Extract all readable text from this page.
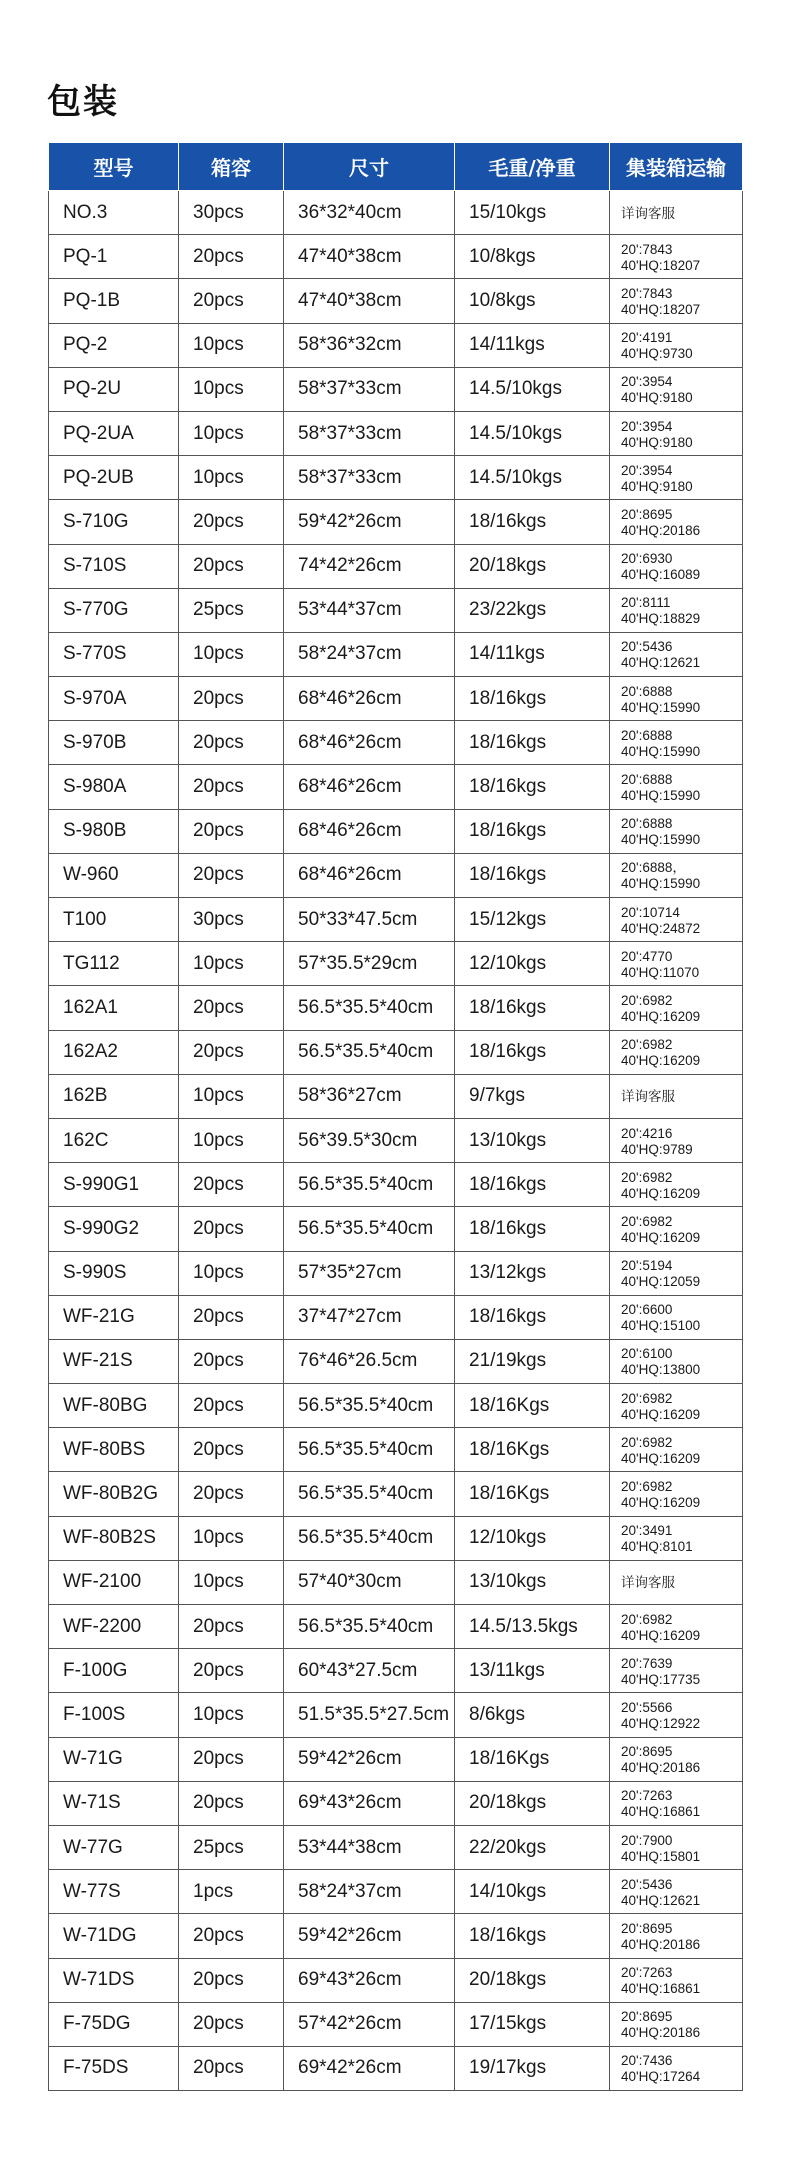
包装
型号	箱容	尺寸	毛重/净重	集装箱运输
NO.3	30pcs	36*32*40cm	15/10kgs	详询客服

PQ-1	20pcs	47*40*38cm	10/8kgs	20':7843
40'HQ:18207

PQ-1B	20pcs	47*40*38cm	10/8kgs	20':7843
40'HQ:18207

PQ-2	10pcs	58*36*32cm	14/11kgs	20':4191
40'HQ:9730

PQ-2U	10pcs	58*37*33cm	14.5/10kgs	20':3954
40'HQ:9180

PQ-2UA	10pcs	58*37*33cm	14.5/10kgs	20':3954
40'HQ:9180

PQ-2UB	10pcs	58*37*33cm	14.5/10kgs	20':3954
40'HQ:9180

S-710G	20pcs	59*42*26cm	18/16kgs	20':8695
40'HQ:20186

S-710S	20pcs	74*42*26cm	20/18kgs	20':6930
40'HQ:16089

S-770G	25pcs	53*44*37cm	23/22kgs	20':8111
40'HQ:18829

S-770S	10pcs	58*24*37cm	14/11kgs	20':5436
40'HQ:12621

S-970A	20pcs	68*46*26cm	18/16kgs	20':6888
40'HQ:15990

S-970B	20pcs	68*46*26cm	18/16kgs	20':6888
40'HQ:15990

S-980A	20pcs	68*46*26cm	18/16kgs	20':6888
40'HQ:15990

S-980B	20pcs	68*46*26cm	18/16kgs	20':6888
40'HQ:15990

W-960	20pcs	68*46*26cm	18/16kgs	20':6888，
40'HQ:15990

T100	30pcs	50*33*47.5cm	15/12kgs	20':10714
40'HQ:24872

TG112	10pcs	57*35.5*29cm	12/10kgs	20':4770
40'HQ:11070

162A1	20pcs	56.5*35.5*40cm	18/16kgs	20':6982
40'HQ:16209

162A2	20pcs	56.5*35.5*40cm	18/16kgs	20':6982
40'HQ:16209

162B	10pcs	58*36*27cm	9/7kgs	详询客服

162C	10pcs	56*39.5*30cm	13/10kgs	20':4216
40'HQ:9789

S-990G1	20pcs	56.5*35.5*40cm	18/16kgs	20':6982
40'HQ:16209

S-990G2	20pcs	56.5*35.5*40cm	18/16kgs	20':6982
40'HQ:16209

S-990S	10pcs	57*35*27cm	13/12kgs	20':5194
40'HQ:12059

WF-21G	20pcs	37*47*27cm	18/16kgs	20':6600
40'HQ:15100

WF-21S	20pcs	76*46*26.5cm	21/19kgs	20':6100
40'HQ:13800

WF-80BG	20pcs	56.5*35.5*40cm	18/16Kgs	20':6982
40'HQ:16209

WF-80BS	20pcs	56.5*35.5*40cm	18/16Kgs	20':6982
40'HQ:16209

WF-80B2G	20pcs	56.5*35.5*40cm	18/16Kgs	20':6982
40'HQ:16209

WF-80B2S	10pcs	56.5*35.5*40cm	12/10kgs	20':3491
40'HQ:8101

WF-2100	10pcs	57*40*30cm	13/10kgs	详询客服

WF-2200	20pcs	56.5*35.5*40cm	14.5/13.5kgs	20':6982
40'HQ:16209

F-100G	20pcs	60*43*27.5cm	13/11kgs	20':7639
40'HQ:17735

F-100S	10pcs	51.5*35.5*27.5cm	8/6kgs	20':5566
40'HQ:12922

W-71G	20pcs	59*42*26cm	18/16Kgs	20':8695
40'HQ:20186

W-71S	20pcs	69*43*26cm	20/18kgs	20':7263
40'HQ:16861

W-77G	25pcs	53*44*38cm	22/20kgs	20':7900
40'HQ:15801

W-77S	1pcs	58*24*37cm	14/10kgs	20':5436
40'HQ:12621

W-71DG	20pcs	59*42*26cm	18/16kgs	20':8695
40'HQ:20186

W-71DS	20pcs	69*43*26cm	20/18kgs	20':7263
40'HQ:16861

F-75DG	20pcs	57*42*26cm	17/15kgs	20':8695
40'HQ:20186

F-75DS	20pcs	69*42*26cm	19/17kgs	20':7436
40'HQ:17264
